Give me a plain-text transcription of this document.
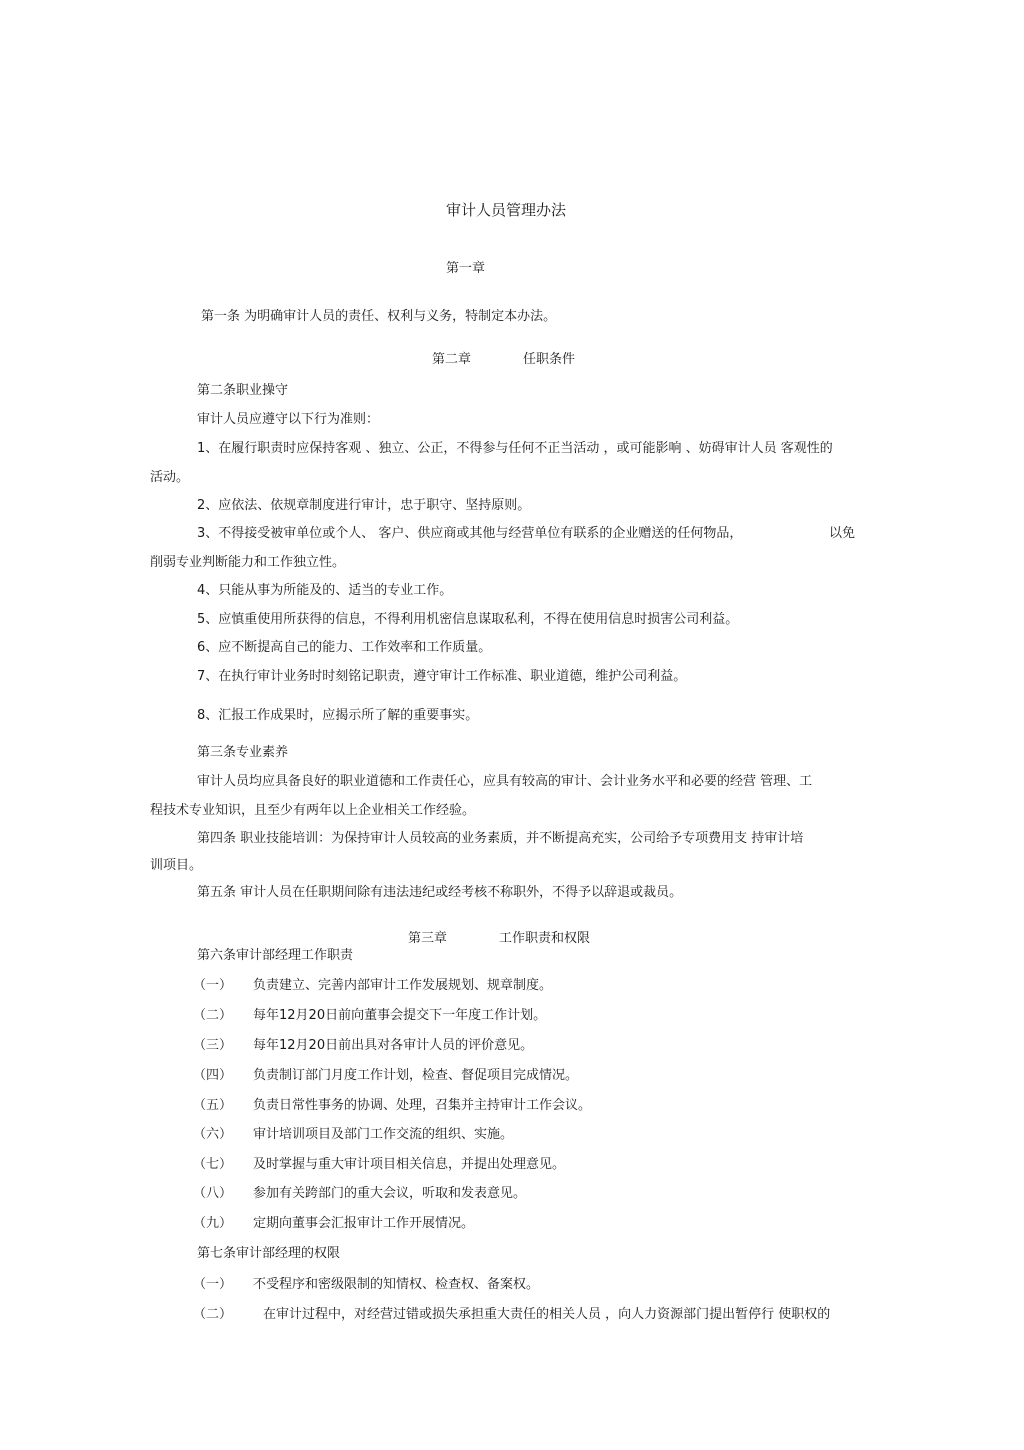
审计人员管理办法
第一章
第一条 为明确审计人员的责任、权利与义务，特制定本办法。
第二章	任职条件
第二条职业操守
审计人员应遵守以下行为准则：
1、在履行职责时应保持客观 、独立、公正，不得参与任何不正当活动 ，或可能影响 、妨碍审计人员 客观性的
活动。
2、应依法、依规章制度进行审计，忠于职守、坚持原则。
3、不得接受被审单位或个人、 客户、供应商或其他与经营单位有联系的企业赠送的任何物品，	以免
削弱专业判断能力和工作独立性。
4、只能从事为所能及的、适当的专业工作。
5、应慎重使用所获得的信息，不得利用机密信息谋取私利，不得在使用信息时损害公司利益。
6、应不断提高自己的能力、工作效率和工作质量。
7、在执行审计业务时时刻铭记职责，遵守审计工作标准、职业道德，维护公司利益。
8、汇报工作成果时，应揭示所了解的重要事实。
第三条专业素养
审计人员均应具备良好的职业道德和工作责任心，应具有较高的审计、会计业务水平和必要的经营 管理、工
程技术专业知识，且至少有两年以上企业相关工作经验。
第四条 职业技能培训：为保持审计人员较高的业务素质，并不断提高充实，公司给予专项费用支 持审计培
训项目。
第五条 审计人员在任职期间除有违法违纪或经考核不称职外，不得予以辞退或裁员。
第三章	工作职责和权限
第六条审计部经理工作职责
（一） 负责建立、完善内部审计工作发展规划、规章制度。
（二） 每年12月20日前向董事会提交下一年度工作计划。
（三） 每年12月20日前出具对各审计人员的评价意见。
（四） 负责制订部门月度工作计划，检查、督促项目完成情况。
（五） 负责日常性事务的协调、处理，召集并主持审计工作会议。
（六） 审计培训项目及部门工作交流的组织、实施。
（七） 及时掌握与重大审计项目相关信息，并提出处理意见。
（八） 参加有关跨部门的重大会议，听取和发表意见。
（九） 定期向董事会汇报审计工作开展情况。
第七条审计部经理的权限
（一） 不受程序和密级限制的知情权、检查权、备案权。
（二） 在审计过程中，对经营过错或损失承担重大责任的相关人员 ，向人力资源部门提出暂停行 使职权的
